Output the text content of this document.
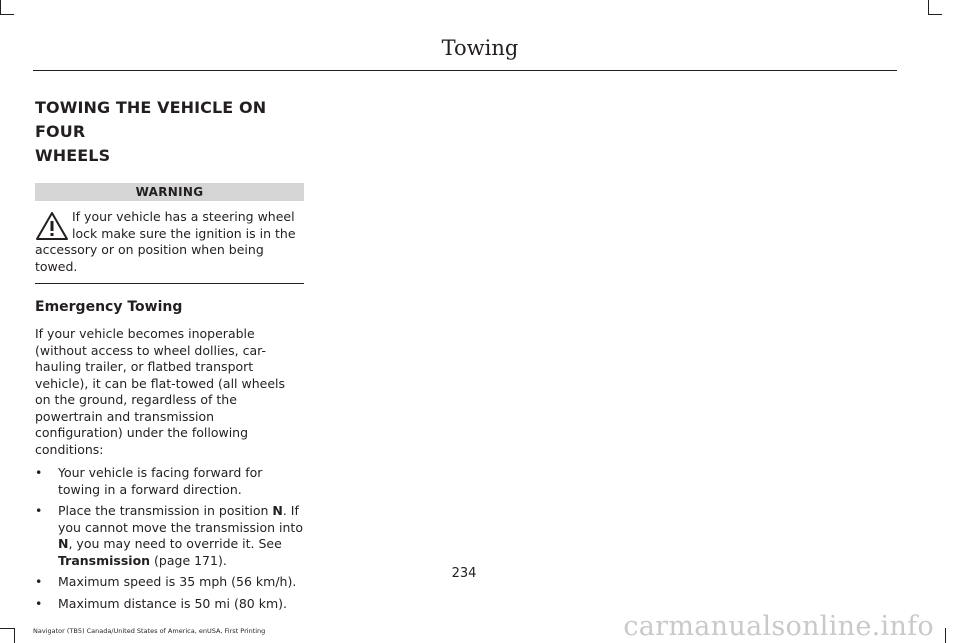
Towing
TOWING THE VEHICLE ON FOUR
WHEELS
WARNING
If your vehicle has a steering wheel lock make sure the ignition is in the accessory or on position when being towed.
Emergency Towing

If your vehicle becomes inoperable (without access to wheel dollies, car-hauling trailer, or flatbed transport vehicle), it can be flat-towed (all wheels on the ground, regardless of the powertrain and transmission configuration) under the following conditions:

• Your vehicle is facing forward for towing in a forward direction.
• Place the transmission in position N. If you cannot move the transmission into N, you may need to override it. See Transmission (page 171).
• Maximum speed is 35 mph (56 km/h).
• Maximum distance is 50 mi (80 km).
234
Navigator (TB5) Canada/United States of America, enUSA, First Printing	carmanualsonline.info
